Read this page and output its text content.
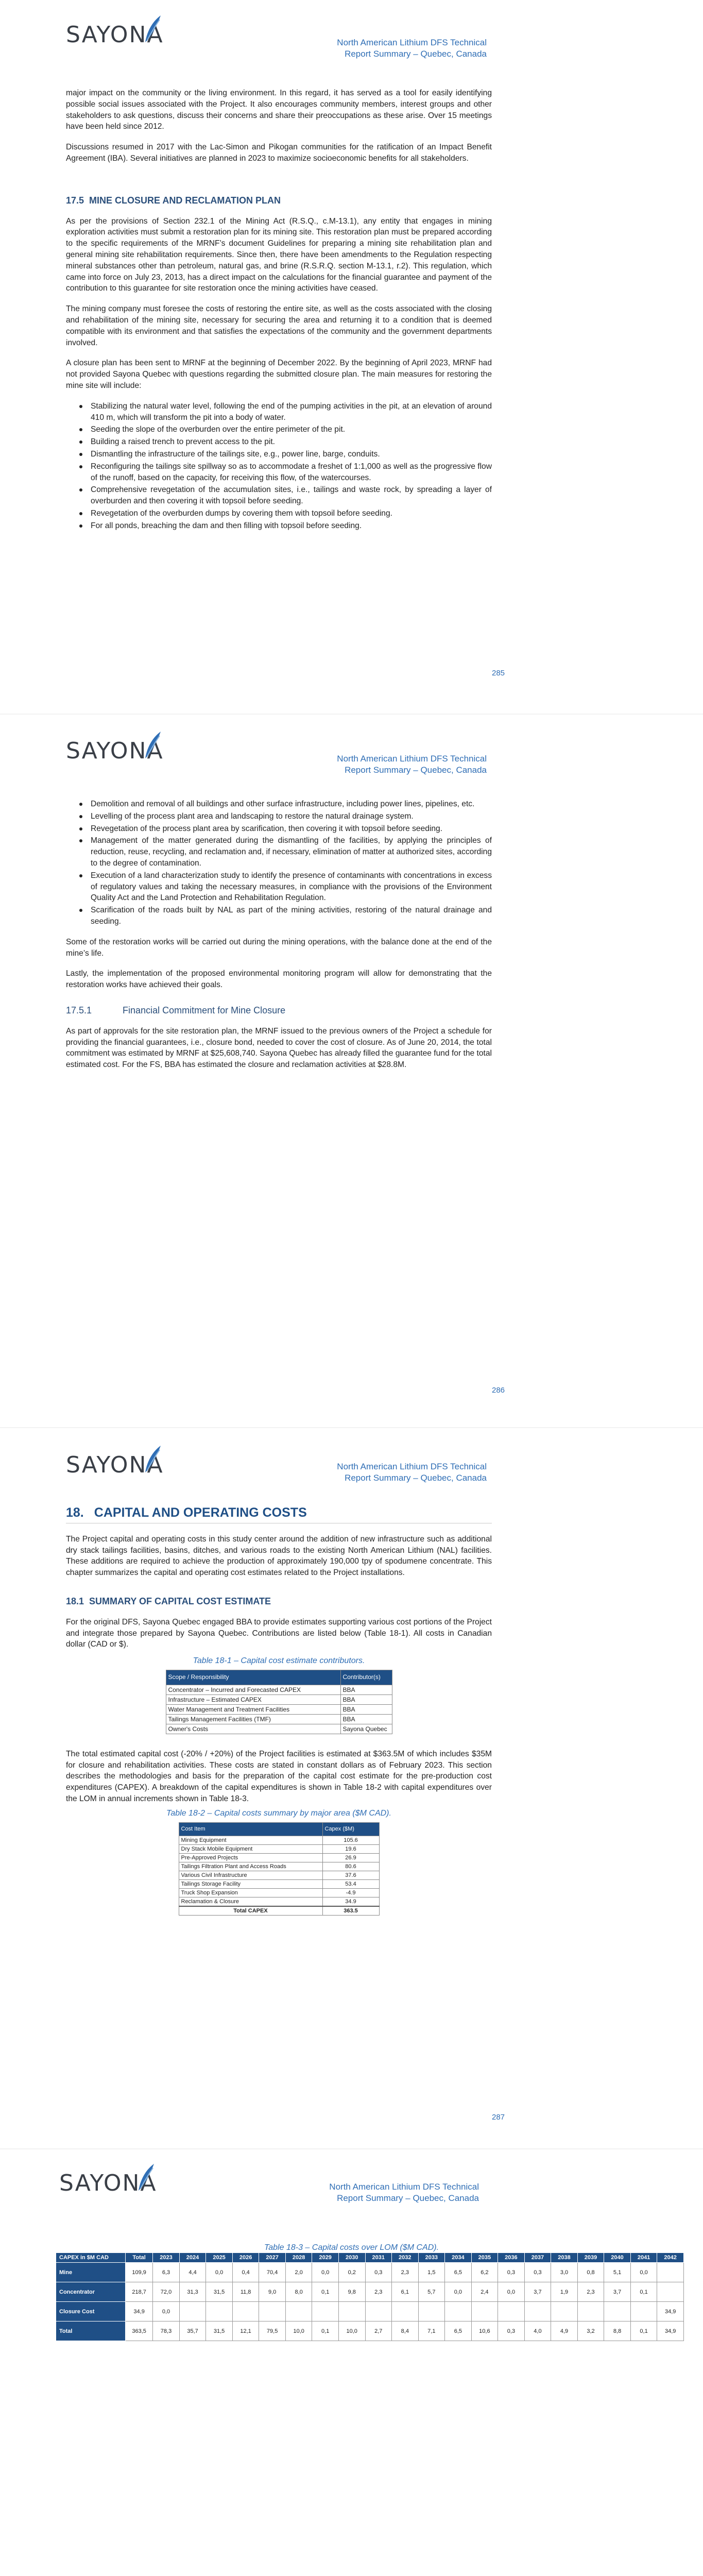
SAYONA	North American Lithium DFS Technical
Report Summary – Quebec, Canada

major impact on the community or the living environment. In this regard, it has served as a tool for easily identifying possible social issues associated with the Project. It also encourages community members, interest groups and other stakeholders to ask questions, discuss their concerns and share their preoccupations as these arise. Over 15 meetings have been held since 2012.

Discussions resumed in 2017 with the Lac-Simon and Pikogan communities for the ratification of an Impact Benefit Agreement (IBA). Several initiatives are planned in 2023 to maximize socioeconomic benefits for all stakeholders.

17.5 MINE CLOSURE AND RECLAMATION PLAN

As per the provisions of Section 232.1 of the Mining Act (R.S.Q., c.M-13.1), any entity that engages in mining exploration activities must submit a restoration plan for its mining site. This restoration plan must be prepared according to the specific requirements of the MRNF’s document Guidelines for preparing a mining site rehabilitation plan and general mining site rehabilitation requirements. Since then, there have been amendments to the Regulation respecting mineral substances other than petroleum, natural gas, and brine (R.S.R.Q. section M-13.1, r.2). This regulation, which came into force on July 23, 2013, has a direct impact on the calculations for the financial guarantee and payment of the contribution to this guarantee for site restoration once the mining activities have ceased.

The mining company must foresee the costs of restoring the entire site, as well as the costs associated with the closing and rehabilitation of the mining site, necessary for securing the area and returning it to a condition that is deemed compatible with its environment and that satisfies the expectations of the community and the government departments involved.

A closure plan has been sent to MRNF at the beginning of December 2022. By the beginning of April 2023, MRNF had not provided Sayona Quebec with questions regarding the submitted closure plan. The main measures for restoring the mine site will include:

Stabilizing the natural water level, following the end of the pumping activities in the pit, at an elevation of around 410 m, which will transform the pit into a body of water.
Seeding the slope of the overburden over the entire perimeter of the pit.
Building a raised trench to prevent access to the pit.
Dismantling the infrastructure of the tailings site, e.g., power line, barge, conduits.
Reconfiguring the tailings site spillway so as to accommodate a freshet of 1:1,000 as well as the progressive flow of the runoff, based on the capacity, for receiving this flow, of the watercourses.
Comprehensive revegetation of the accumulation sites, i.e., tailings and waste rock, by spreading a layer of overburden and then covering it with topsoil before seeding.
Revegetation of the overburden dumps by covering them with topsoil before seeding.
For all ponds, breaching the dam and then filling with topsoil before seeding.
285
SAYONA	North American Lithium DFS Technical
Report Summary – Quebec, Canada
Demolition and removal of all buildings and other surface infrastructure, including power lines, pipelines, etc.
Levelling of the process plant area and landscaping to restore the natural drainage system.
Revegetation of the process plant area by scarification, then covering it with topsoil before seeding.
Management of the matter generated during the dismantling of the facilities, by applying the principles of reduction, reuse, recycling, and reclamation and, if necessary, elimination of matter at authorized sites, according to the degree of contamination.
Execution of a land characterization study to identify the presence of contaminants with concentrations in excess of regulatory values and taking the necessary measures, in compliance with the provisions of the Environment Quality Act and the Land Protection and Rehabilitation Regulation.
Scarification of the roads built by NAL as part of the mining activities, restoring of the natural drainage and seeding.

Some of the restoration works will be carried out during the mining operations, with the balance done at the end of the mine’s life.

Lastly, the implementation of the proposed environmental monitoring program will allow for demonstrating that the restoration works have achieved their goals.

17.5.1	Financial Commitment for Mine Closure

As part of approvals for the site restoration plan, the MRNF issued to the previous owners of the Project a schedule for providing the financial guarantees, i.e., closure bond, needed to cover the cost of closure. As of June 20, 2014, the total commitment was estimated by MRNF at $25,608,740. Sayona Quebec has already filled the guarantee fund for the total estimated cost. For the FS, BBA has estimated the closure and reclamation activities at $28.8M.

286
SAYONA	North American Lithium DFS Technical
Report Summary – Quebec, Canada
18. CAPITAL AND OPERATING COSTS

The Project capital and operating costs in this study center around the addition of new infrastructure such as additional dry stack tailings facilities, basins, ditches, and various roads to the existing North American Lithium (NAL) facilities. These additions are required to achieve the production of approximately 190,000 tpy of spodumene concentrate. This chapter summarizes the capital and operating cost estimates related to the Project installations.

18.1 SUMMARY OF CAPITAL COST ESTIMATE

For the original DFS, Sayona Quebec engaged BBA to provide estimates supporting various cost portions of the Project and integrate those prepared by Sayona Quebec. Contributions are listed below (Table 18-1). All costs in Canadian dollar (CAD or $).

Table 18-1 – Capital cost estimate contributors.
Scope / Responsibility	Contributor(s)
Concentrator – Incurred and Forecasted CAPEX	BBA
Infrastructure – Estimated CAPEX	BBA
Water Management and Treatment Facilities	BBA
Tailings Management Facilities (TMF)	BBA
Owner's Costs	Sayona Quebec

The total estimated capital cost (-20% / +20%) of the Project facilities is estimated at $363.5M of which includes $35M for closure and rehabilitation activities. These costs are stated in constant dollars as of February 2023. This section describes the methodologies and basis for the preparation of the capital cost estimate for the pre-production cost expenditures (CAPEX). A breakdown of the capital expenditures is shown in Table 18-2 with capital expenditures over the LOM in annual increments shown in Table 18-3.

Table 18-2 – Capital costs summary by major area ($M CAD).
Cost Item	Capex ($M)
Mining Equipment	105.6
Dry Stack Mobile Equipment	19.6
Pre-Approved Projects	26.9
Tailings Filtration Plant and Access Roads	80.6
Various Civil Infrastructure	37.6
Tailings Storage Facility	53.4
Truck Shop Expansion	-4.9
Reclamation & Closure	34.9
Total CAPEX	363.5
287
SAYONA	North American Lithium DFS Technical
Report Summary – Quebec, Canada
Table 18-3 – Capital costs over LOM ($M CAD).
CAPEX in $M CAD	Total	2023	2024	2025	2026	2027	2028	2029	2030	2031	2032	2033	2034	2035	2036	2037	2038	2039	2040	2041	2042
Mine	109,9	6,3	4,4	0,0	0,4	70,4	2,0	0,0	0,2	0,3	2,3	1,5	6,5	6,2	0,3	0,3	3,0	0,8	5,1	0,0	
Concentrator	218,7	72,0	31,3	31,5	11,8	9,0	8,0	0,1	9,8	2,3	6,1	5,7	0,0	2,4	0,0	3,7	1,9	2,3	3,7	0,1	
Closure Cost	34,9	0,0																			34,9
Total	363,5	78,3	35,7	31,5	12,1	79,5	10,0	0,1	10,0	2,7	8,4	7,1	6,5	10,6	0,3	4,0	4,9	3,2	8,8	0,1	34,9
